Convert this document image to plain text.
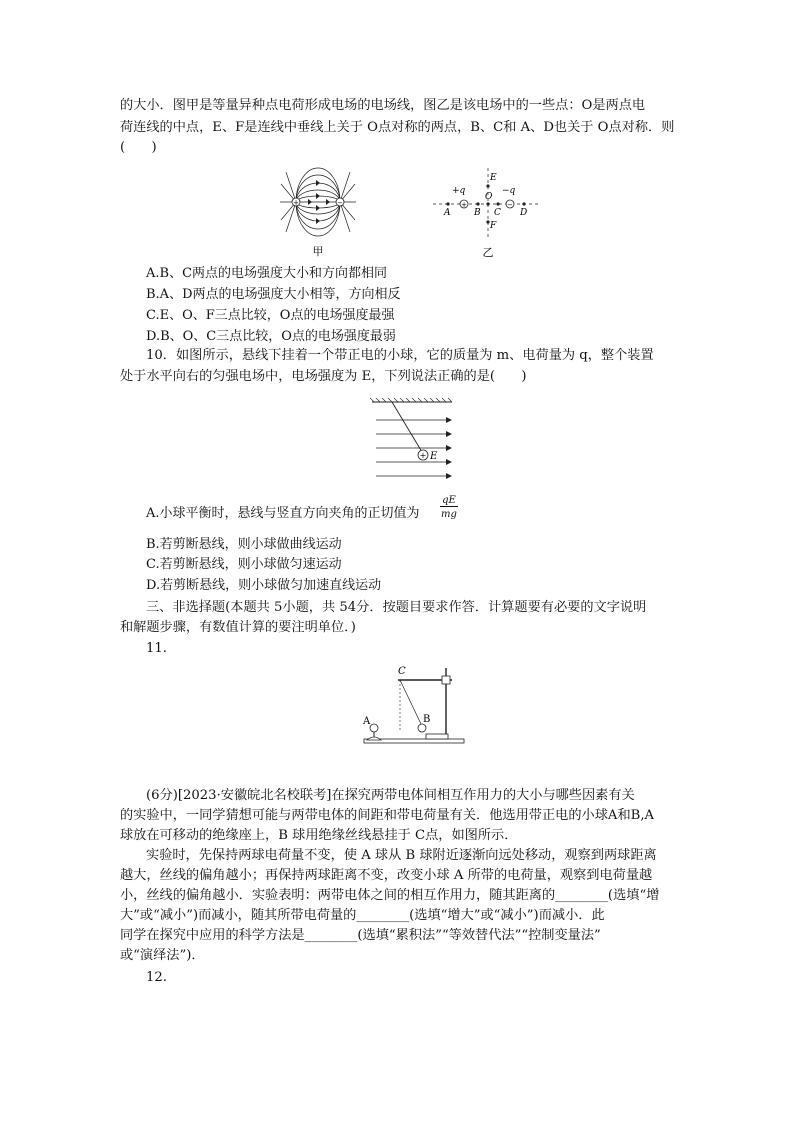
的大小．图甲是等量异种点电荷形成电场的电场线，图乙是该电场中的一些点：O是两点电
荷连线的中点，E、F是连线中垂线上关于 O点对称的两点，B、C和 A、D也关于 O点对称．则
(　　)
+	−
甲
+	−
+q	−q
A	B
O
C D
E
F
乙
A.B、C两点的电场强度大小和方向都相同
B.A、D两点的电场强度大小相等，方向相反
C.E、O、F三点比较，O点的电场强度最强
D.B、O、C三点比较，O点的电场强度最弱
10．如图所示，悬线下挂着一个带正电的小球，它的质量为 m、电荷量为 q，整个装置
处于水平向右的匀强电场中，电场强度为 E，下列说法正确的是(　　)
+ E
A.小球平衡时，悬线与竖直方向夹角的正切值为
qE
mg
B.若剪断悬线，则小球做曲线运动
C.若剪断悬线，则小球做匀速运动
D.若剪断悬线，则小球做匀加速直线运动
三、非选择题(本题共 5小题，共 54分．按题目要求作答．计算题要有必要的文字说明
和解题步骤，有数值计算的要注明单位．)
11.
C
A	B
(6分)[2023·安徽皖北名校联考]在探究两带电体间相互作用力的大小与哪些因素有关
的实验中，一同学猜想可能与两带电体的间距和带电荷量有关．他选用带正电的小球A和B,A
球放在可移动的绝缘座上，B 球用绝缘丝线悬挂于 C点，如图所示．
实验时，先保持两球电荷量不变，使 A 球从 B 球附近逐渐向远处移动，观察到两球距离
越大，丝线的偏角越小；再保持两球距离不变，改变小球 A 所带的电荷量，观察到电荷量越
小，丝线的偏角越小．实验表明：两带电体之间的相互作用力，随其距离的________(选填“增
大”或“减小”)而减小，随其所带电荷量的________(选填“增大”或“减小”)而减小．此
同学在探究中应用的科学方法是________(选填“累积法”“等效替代法”“控制变量法”
或“演绎法”)．
12.
